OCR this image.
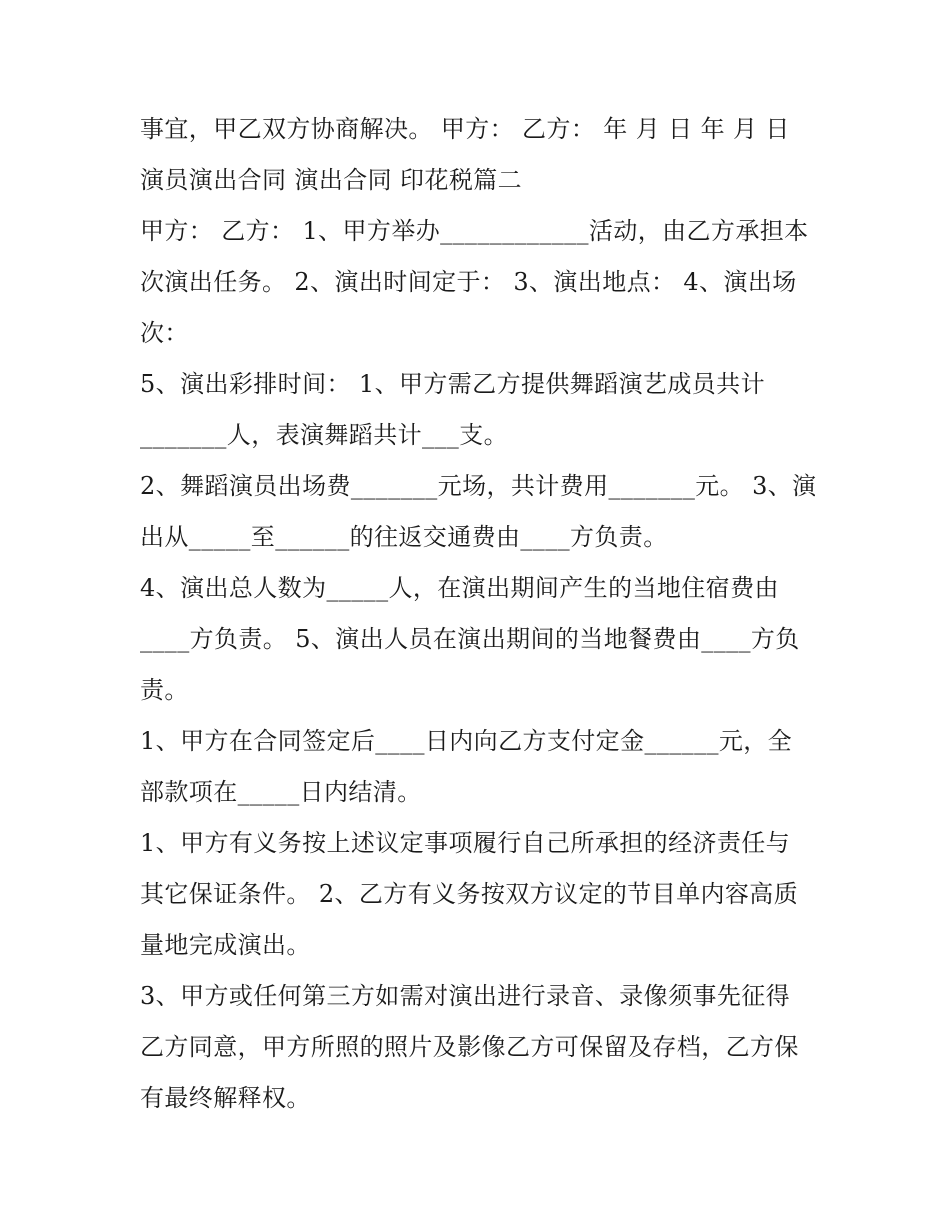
事宜，甲乙双方协商解决。 甲方： 乙方： 年 月 日 年 月 日
演员演出合同 演出合同 印花税篇二
甲方： 乙方： 1、甲方举办____________活动，由乙方承担本
次演出任务。 2、演出时间定于： 3、演出地点： 4、演出场
次：
5、演出彩排时间： 1、甲方需乙方提供舞蹈演艺成员共计
_______人，表演舞蹈共计___支。
2、舞蹈演员出场费_______元场，共计费用_______元。 3、演
出从_____至______的往返交通费由____方负责。
4、演出总人数为_____人，在演出期间产生的当地住宿费由
____方负责。 5、演出人员在演出期间的当地餐费由____方负
责。
1、甲方在合同签定后____日内向乙方支付定金______元，全
部款项在_____日内结清。
1、甲方有义务按上述议定事项履行自己所承担的经济责任与
其它保证条件。 2、乙方有义务按双方议定的节目单内容高质
量地完成演出。
3、甲方或任何第三方如需对演出进行录音、录像须事先征得
乙方同意，甲方所照的照片及影像乙方可保留及存档，乙方保
有最终解释权。
